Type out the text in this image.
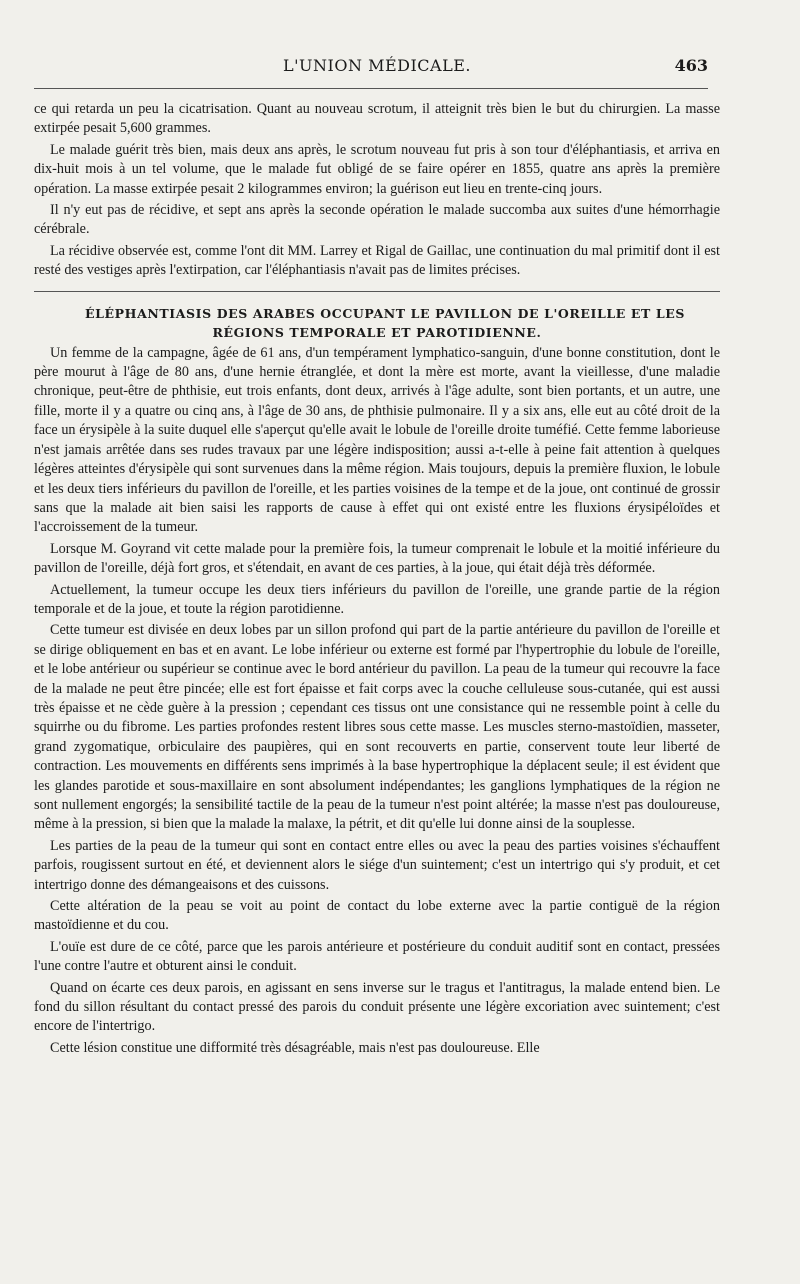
L'UNION MÉDICALE.	463

ce qui retarda un peu la cicatrisation. Quant au nouveau scrotum, il atteignit très bien le but du chirurgien. La masse extirpée pesait 5,600 grammes.

Le malade guérit très bien, mais deux ans après, le scrotum nouveau fut pris à son tour d'éléphantiasis, et arriva en dix-huit mois à un tel volume, que le malade fut obligé de se faire opérer en 1855, quatre ans après la première opération. La masse extirpée pesait 2 kilogrammes environ; la guérison eut lieu en trente-cinq jours.

Il n'y eut pas de récidive, et sept ans après la seconde opération le malade succomba aux suites d'une hémorrhagie cérébrale.

La récidive observée est, comme l'ont dit MM. Larrey et Rigal de Gaillac, une continuation du mal primitif dont il est resté des vestiges après l'extirpation, car l'éléphantiasis n'avait pas de limites précises.

ÉLÉPHANTIASIS DES ARABES OCCUPANT LE PAVILLON DE L'OREILLE ET LES RÉGIONS TEMPORALE ET PAROTIDIENNE.

Un femme de la campagne, âgée de 61 ans, d'un tempérament lymphatico-sanguin, d'une bonne constitution, dont le père mourut à l'âge de 80 ans, d'une hernie étranglée, et dont la mère est morte, avant la vieillesse, d'une maladie chronique, peut-être de phthisie, eut trois enfants, dont deux, arrivés à l'âge adulte, sont bien portants, et un autre, une fille, morte il y a quatre ou cinq ans, à l'âge de 30 ans, de phthisie pulmonaire. Il y a six ans, elle eut au côté droit de la face un érysipèle à la suite duquel elle s'aperçut qu'elle avait le lobule de l'oreille droite tuméfié. Cette femme laborieuse n'est jamais arrêtée dans ses rudes travaux par une légère indisposition; aussi a-t-elle à peine fait attention à quelques légères atteintes d'érysipèle qui sont survenues dans la même région. Mais toujours, depuis la première fluxion, le lobule et les deux tiers inférieurs du pavillon de l'oreille, et les parties voisines de la tempe et de la joue, ont continué de grossir sans que la malade ait bien saisi les rapports de cause à effet qui ont existé entre les fluxions érysipéloïdes et l'accroissement de la tumeur.

Lorsque M. Goyrand vit cette malade pour la première fois, la tumeur comprenait le lobule et la moitié inférieure du pavillon de l'oreille, déjà fort gros, et s'étendait, en avant de ces parties, à la joue, qui était déjà très déformée.

Actuellement, la tumeur occupe les deux tiers inférieurs du pavillon de l'oreille, une grande partie de la région temporale et de la joue, et toute la région parotidienne.

Cette tumeur est divisée en deux lobes par un sillon profond qui part de la partie antérieure du pavillon de l'oreille et se dirige obliquement en bas et en avant. Le lobe inférieur ou externe est formé par l'hypertrophie du lobule de l'oreille, et le lobe antérieur ou supérieur se continue avec le bord antérieur du pavillon. La peau de la tumeur qui recouvre la face de la malade ne peut être pincée; elle est fort épaisse et fait corps avec la couche celluleuse sous-cutanée, qui est aussi très épaisse et ne cède guère à la pression ; cependant ces tissus ont une consistance qui ne ressemble point à celle du squirrhe ou du fibrome. Les parties profondes restent libres sous cette masse. Les muscles sterno-mastoïdien, masseter, grand zygomatique, orbiculaire des paupières, qui en sont recouverts en partie, conservent toute leur liberté de contraction. Les mouvements en différents sens imprimés à la base hypertrophique la déplacent seule; il est évident que les glandes parotide et sous-maxillaire en sont absolument indépendantes; les ganglions lymphatiques de la région ne sont nullement engorgés; la sensibilité tactile de la peau de la tumeur n'est point altérée; la masse n'est pas douloureuse, même à la pression, si bien que la malade la malaxe, la pétrit, et dit qu'elle lui donne ainsi de la souplesse.

Les parties de la peau de la tumeur qui sont en contact entre elles ou avec la peau des parties voisines s'échauffent parfois, rougissent surtout en été, et deviennent alors le siége d'un suintement; c'est un intertrigo qui s'y produit, et cet intertrigo donne des démangeaisons et des cuissons.

Cette altération de la peau se voit au point de contact du lobe externe avec la partie contiguë de la région mastoïdienne et du cou.

L'ouïe est dure de ce côté, parce que les parois antérieure et postérieure du conduit auditif sont en contact, pressées l'une contre l'autre et obturent ainsi le conduit.

Quand on écarte ces deux parois, en agissant en sens inverse sur le tragus et l'antitragus, la malade entend bien. Le fond du sillon résultant du contact pressé des parois du conduit présente une légère excoriation avec suintement; c'est encore de l'intertrigo.

Cette lésion constitue une difformité très désagréable, mais n'est pas douloureuse. Elle
